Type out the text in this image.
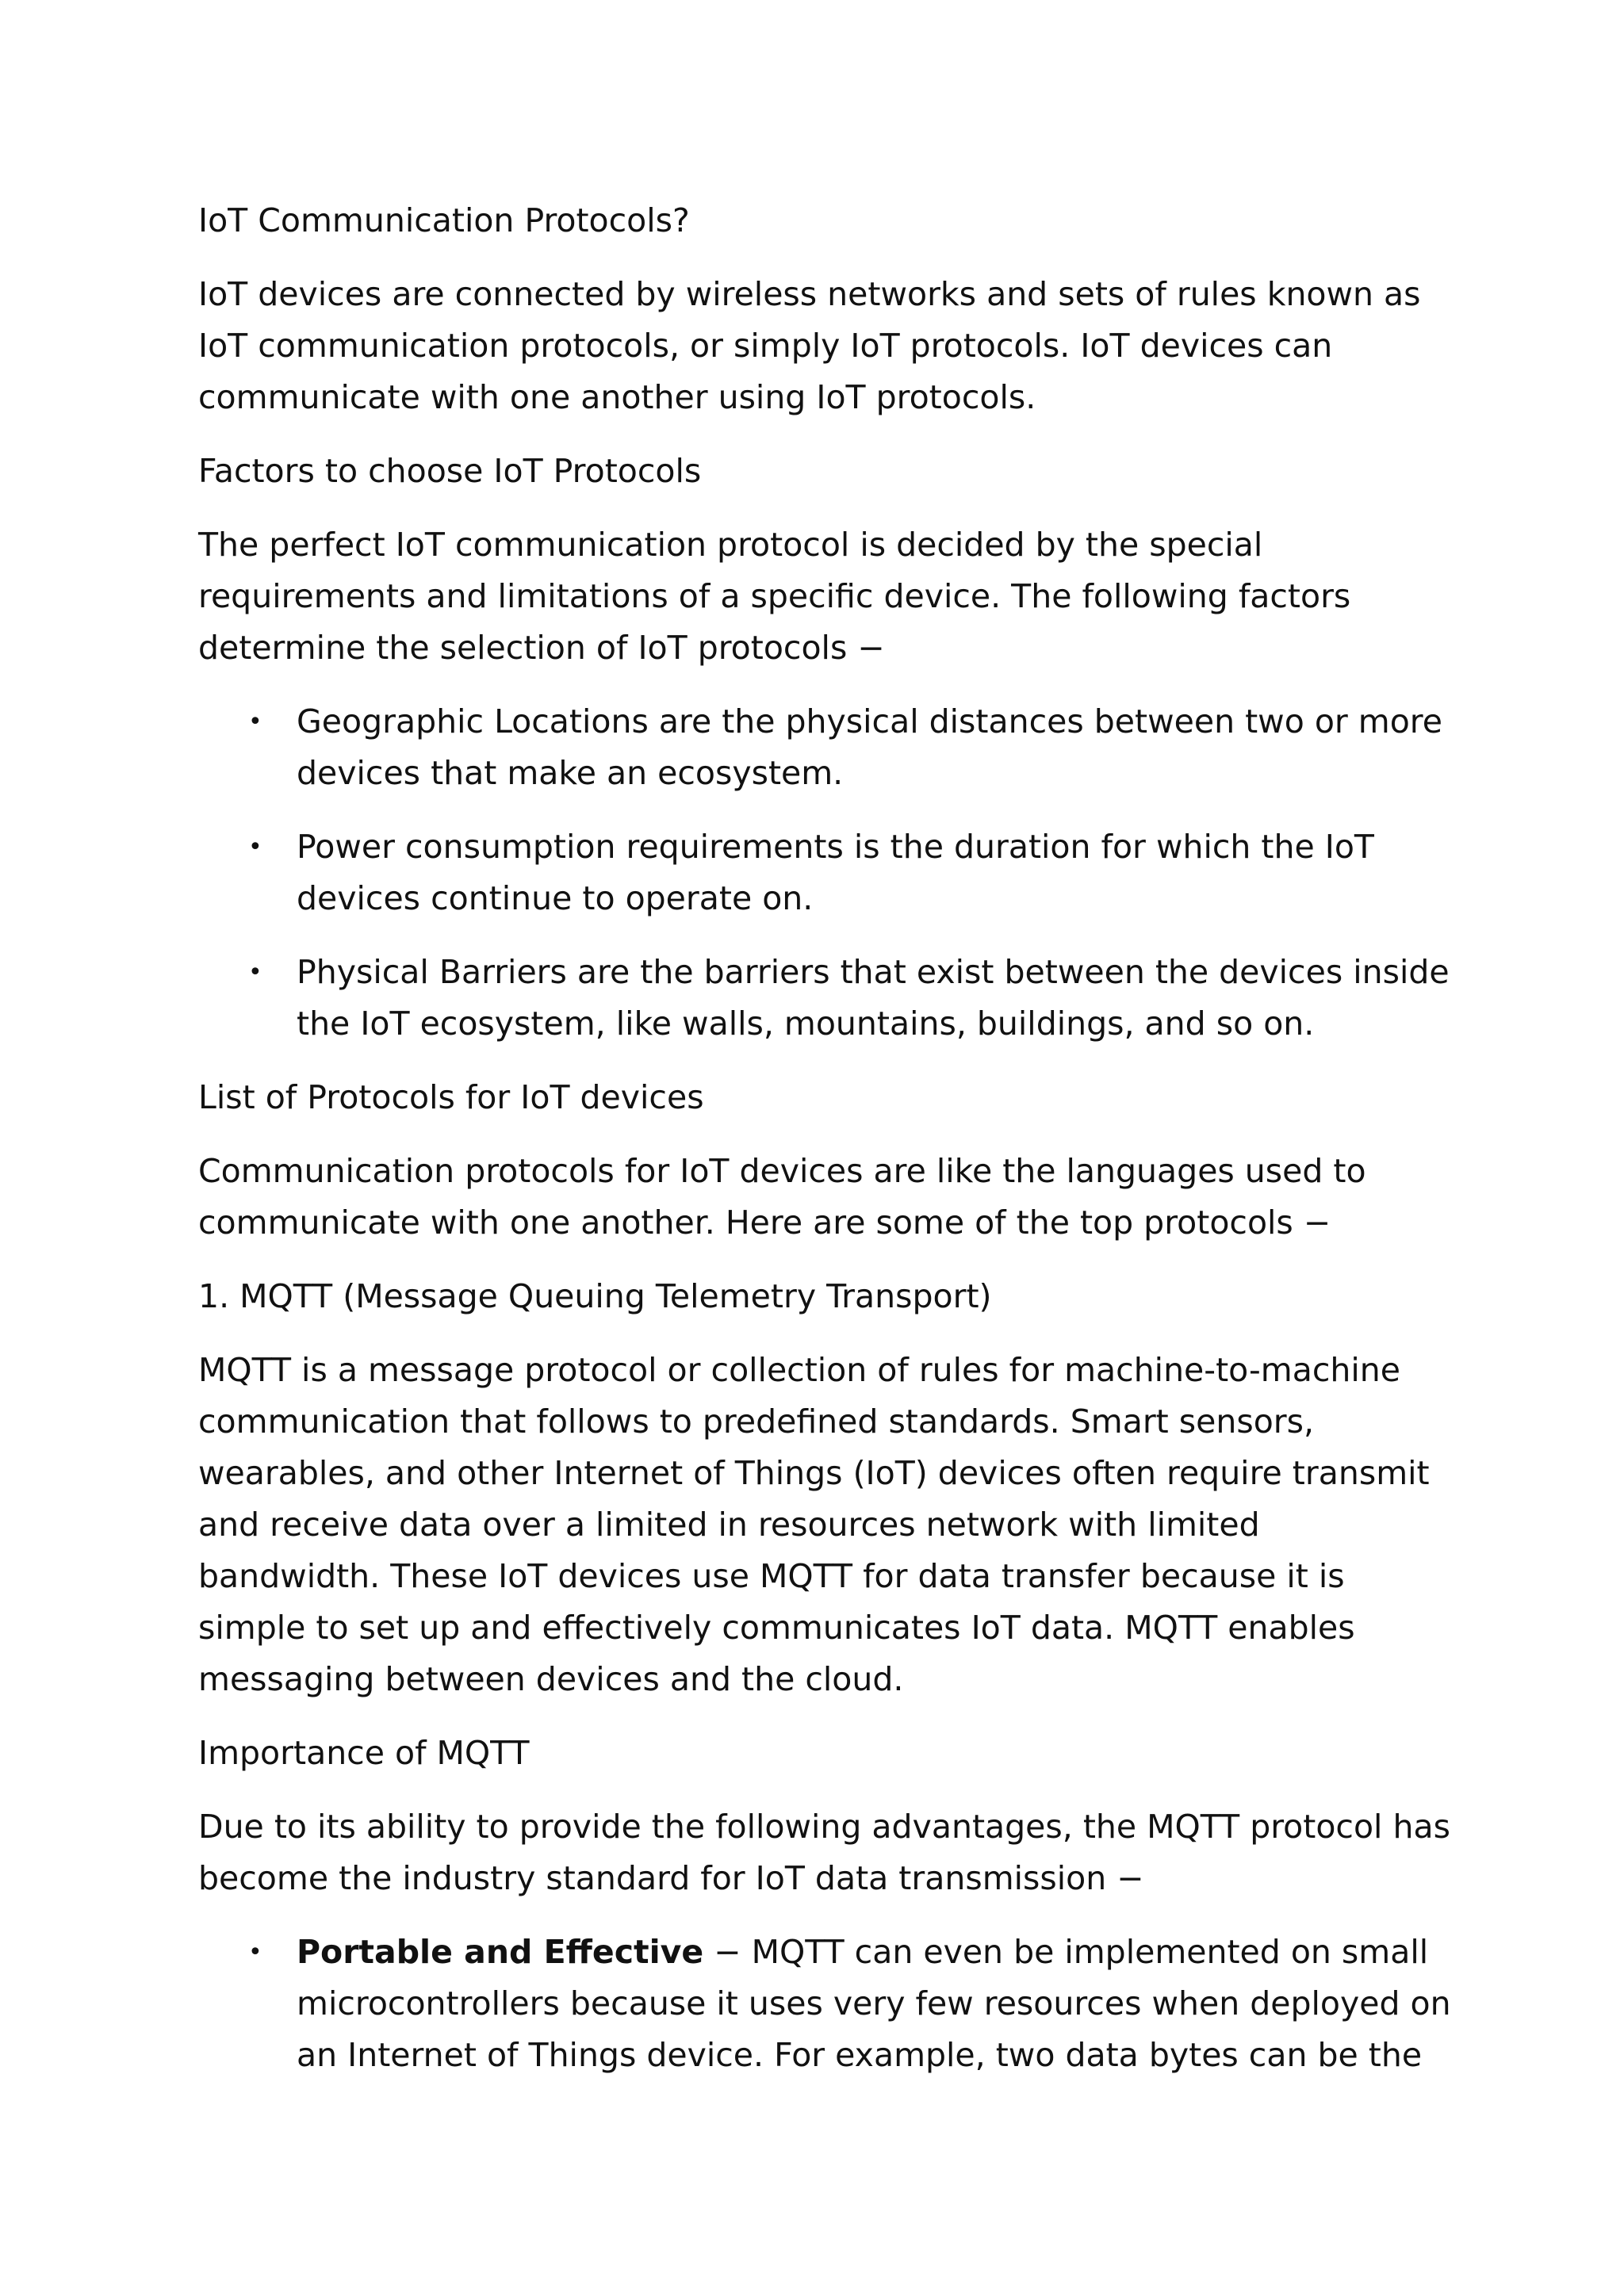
IoT Communication Protocols?

IoT devices are connected by wireless networks and sets of rules known as IoT communication protocols, or simply IoT protocols. IoT devices can communicate with one another using IoT protocols.

Factors to choose IoT Protocols

The perfect IoT communication protocol is decided by the special requirements and limitations of a specific device. The following factors determine the selection of IoT protocols −

• Geographic Locations are the physical distances between two or more devices that make an ecosystem.
• Power consumption requirements is the duration for which the IoT devices continue to operate on.
• Physical Barriers are the barriers that exist between the devices inside the IoT ecosystem, like walls, mountains, buildings, and so on.

List of Protocols for IoT devices

Communication protocols for IoT devices are like the languages used to communicate with one another. Here are some of the top protocols −

1. MQTT (Message Queuing Telemetry Transport)

MQTT is a message protocol or collection of rules for machine-to-machine communication that follows to predefined standards. Smart sensors, wearables, and other Internet of Things (IoT) devices often require transmit and receive data over a limited in resources network with limited bandwidth. These IoT devices use MQTT for data transfer because it is simple to set up and effectively communicates IoT data. MQTT enables messaging between devices and the cloud.

Importance of MQTT

Due to its ability to provide the following advantages, the MQTT protocol has become the industry standard for IoT data transmission −

• Portable and Effective − MQTT can even be implemented on small microcontrollers because it uses very few resources when deployed on an Internet of Things device. For example, two data bytes can be the
